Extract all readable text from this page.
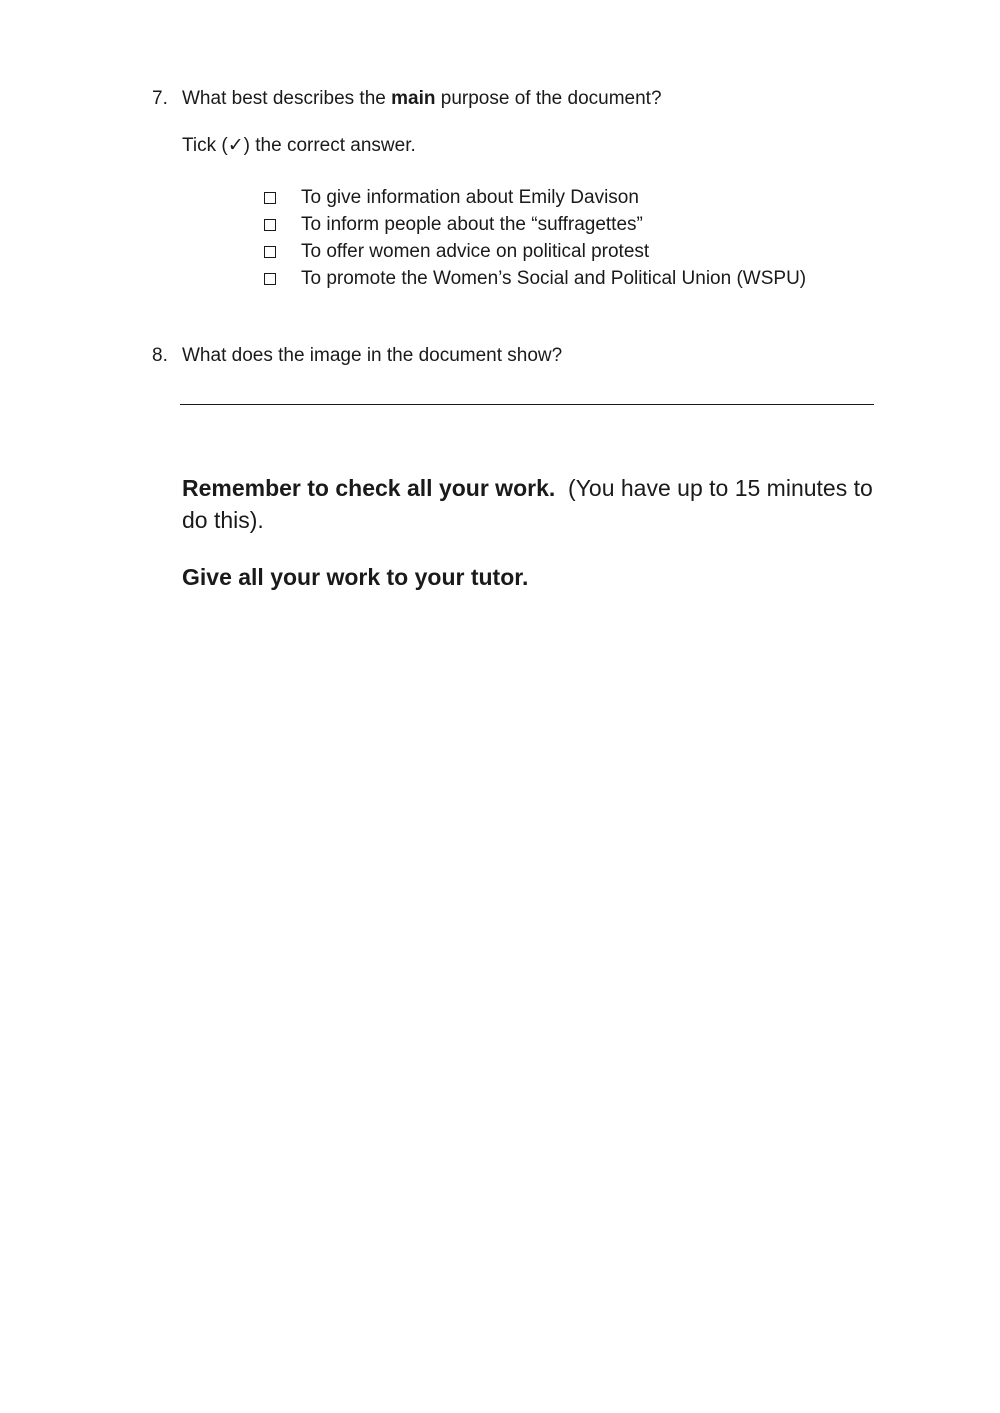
7. What best describes the main purpose of the document?
Tick (✓) the correct answer.
To give information about Emily Davison
To inform people about the “suffragettes”
To offer women advice on political protest
To promote the Women’s Social and Political Union (WSPU)
8. What does the image in the document show?
Remember to check all your work. (You have up to 15 minutes to do this).
Give all your work to your tutor.
